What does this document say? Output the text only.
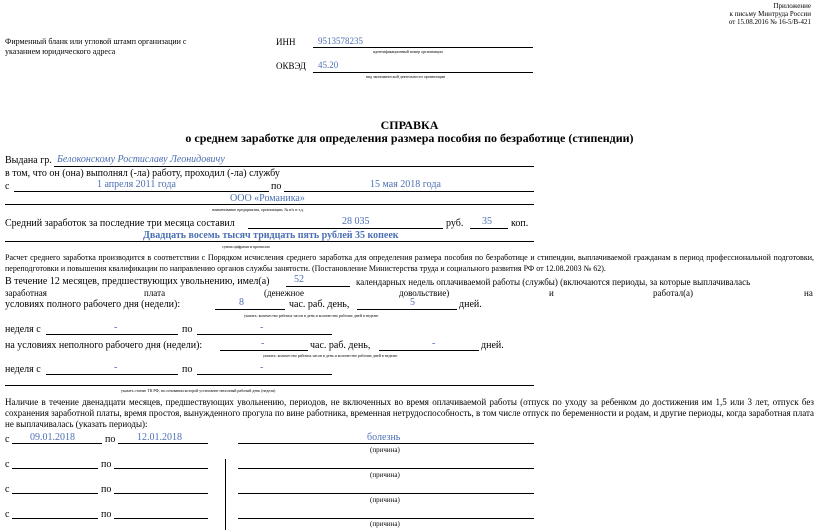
Приложение
к письму Минтруда России
от 15.08.2016 № 16-5/В-421
Фирменный бланк или угловой штамп организации с
указанием юридического адреса
ИНН	9513578235
идентификационный номер организации
ОКВЭД 45.20
вид экономической деятельности организации
СПРАВКА
о среднем заработке для определения размера пособия по безработице (стипендии)
Выдана гр. Белоконскому Ростиславу Леонидовичу
в том, что он (она) выполнял (-ла) работу, проходил (-ла) службу
с	1 апреля 2011 года	по	15 мая 2018 года
ООО «Романика»
наименование предприятия, организации, № в/ч и т.д.
Средний заработок за последние три месяца составил	28 035	руб. 35 коп.
Двадцать восемь тысяч тридцать пять рублей 35 копеек
сумма цифрами и прописью
Расчет среднего заработка производится в соответствии с Порядком исчисления среднего заработка для определения размера пособия по безработице и стипендии, выплачиваемой гражданам в период профессиональной подготовки, переподготовки и повышения квалификации по направлению органов службы занятости. (Постановление Министерства труда и социального развития РФ от 12.08.2003 № 62).
В течение 12 месяцев, предшествующих увольнению, имел(а) 52	календарных недель оплачиваемой работы (службы) (включаются периоды, за которые выплачивалась
заработная	плата	(денежное	довольствие)	и	работал(а)	на
условиях полного рабочего дня (недели):	8	час. раб. день,	5	дней.
указать: количество рабочих часов в день и количество рабочих дней в неделю
неделя с	-	по	-
на условиях неполного рабочего дня (недели):	-	час. раб. день,	-	дней.
указать: количество рабочих часов в день и количество рабочих дней в неделю
неделя с	-	по	-
указать статью ТК РФ, на основании которой установлен неполный рабочий день (неделя)
Наличие в течение двенадцати месяцев, предшествующих увольнению, периодов, не включенных во время оплачиваемой работы (отпуск по уходу за ребенком до достижения им 1,5 или 3 лет, отпуск без сохранения заработной платы, время простоя, вынужденного прогула по вине работника, временная нетрудоспособность, в том числе отпуск по беременности и родам, и другие периоды, когда заработная плата не выплачивалась (указать периоды):
с 09.01.2018	по 12.01.2018	болезнь
(причина)
с	по
(причина)
с	по
(причина)
с	по
(причина)
